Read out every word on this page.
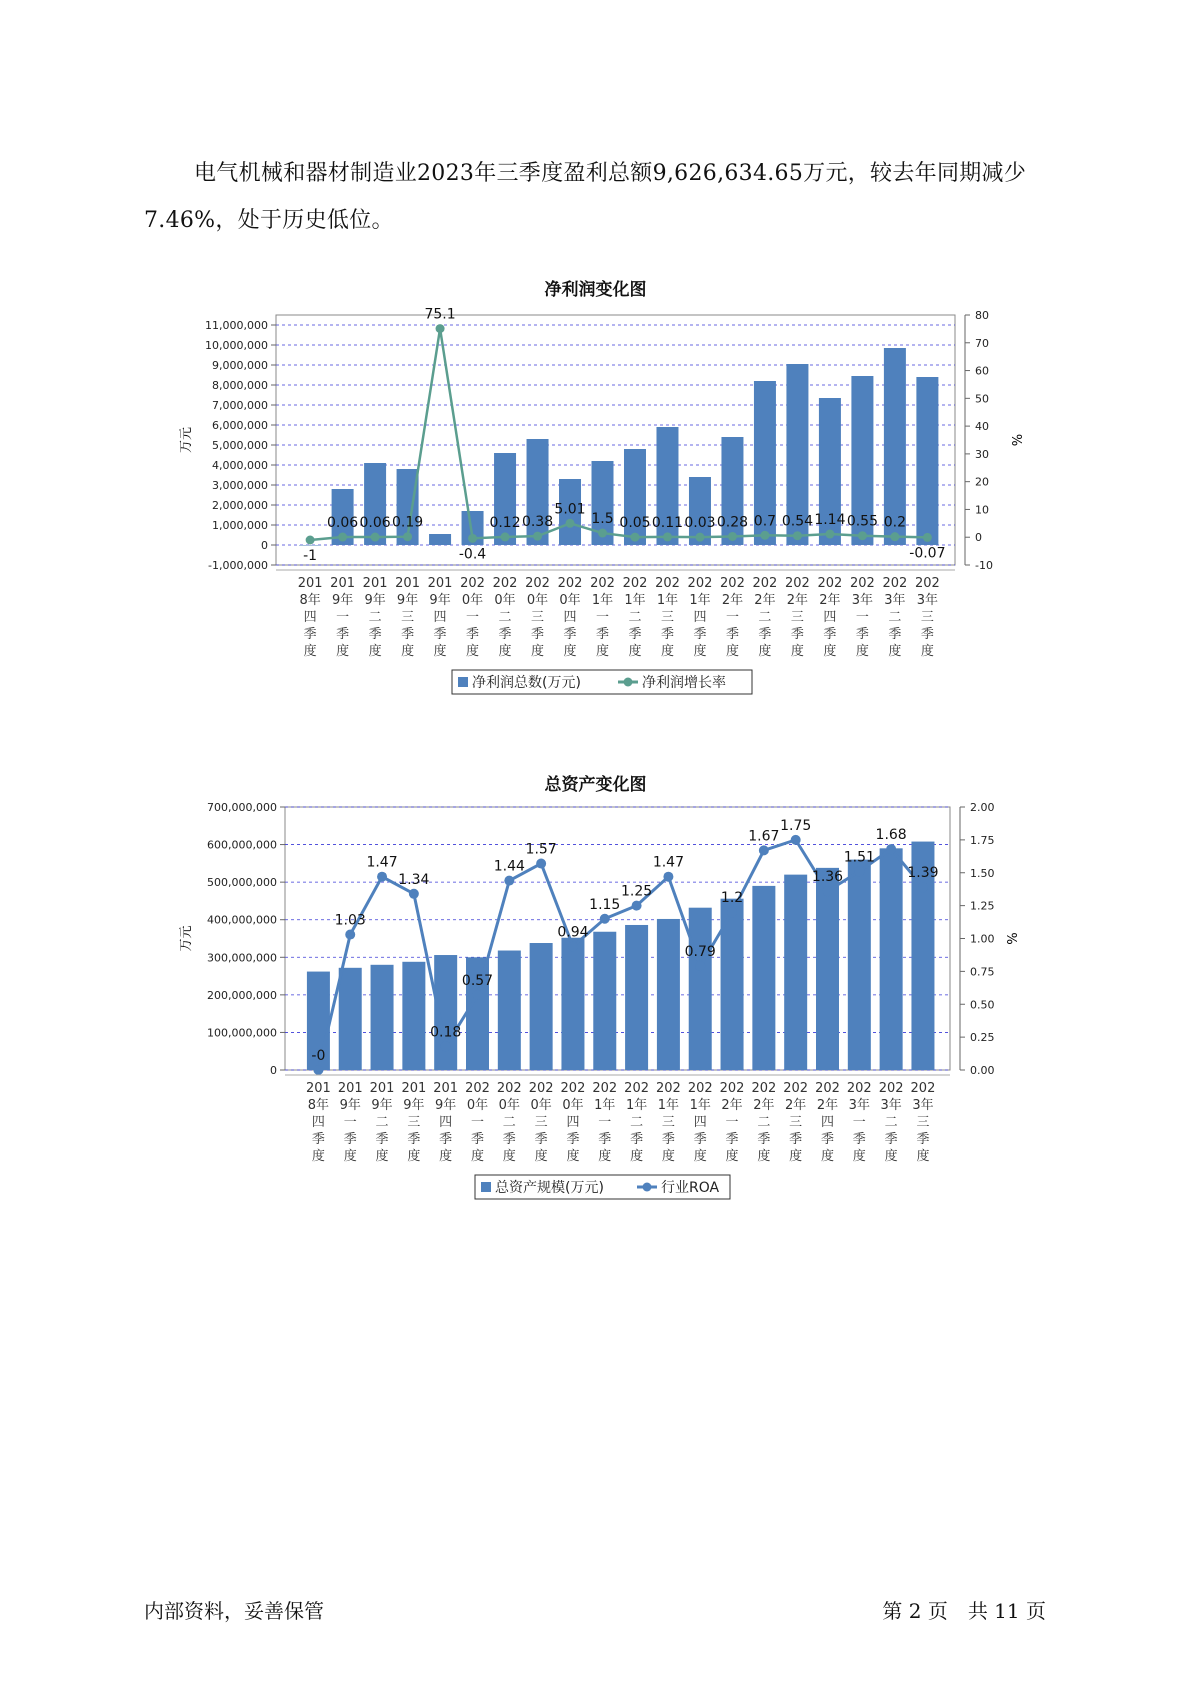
电气机械和器材制造业2023年三季度盈利总额9,626,634.65万元，较去年同期减少7.46%，处于历史低位。

净利润变化图
-1,000,000
0
1,000,000
2,000,000
3,000,000
4,000,000
5,000,000
6,000,000
7,000,000
8,000,000
9,000,000
10,000,000
11,000,000
-10
0
10
20
30
40
50
60
70
80
万元	%
-1
0.06 0.06 0.19
75.1
-0.4
0.12 0.38
5.01
1.5 0.05 0.11 0.03 0.28 0.7 0.54 1.14 0.55 0.2
-0.07
201
8年
四
季
度
201
9年
一
季
度
201
9年
二
季
度
201
9年
三
季
度
201
9年
四
季
度
202
0年
一
季
度
202
0年
二
季
度
202
0年
三
季
度
202
0年
四
季
度
202
1年
一
季
度
202
1年
二
季
度
202
1年
三
季
度
202
1年
四
季
度
202
2年
一
季
度
202
2年
二
季
度
202
2年
三
季
度
202
2年
四
季
度
202
3年
一
季
度
202
3年
二
季
度
202
3年
三
季
度
净利润总数(万元)	净利润增长率
总资产变化图
0
100,000,000
200,000,000
300,000,000
400,000,000
500,000,000
600,000,000
700,000,000
0.00
0.25
0.50
0.75
1.00
1.25
1.50
1.75
2.00
万元	%
-0
1.03
1.47
1.34
0.18
0.57
1.44
1.57
0.94
1.15
1.25
1.47
0.79
1.2
1.67
1.75
1.36
1.51
1.68
1.39
201
8年
四
季
度
201
9年
一
季
度
201
9年
二
季
度
201
9年
三
季
度
201
9年
四
季
度
202
0年
一
季
度
202
0年
二
季
度
202
0年
三
季
度
202
0年
四
季
度
202
1年
一
季
度
202
1年
二
季
度
202
1年
三
季
度
202
1年
四
季
度
202
2年
一
季
度
202
2年
二
季
度
202
2年
三
季
度
202
2年
四
季
度
202
3年
一
季
度
202
3年
二
季
度
202
3年
三
季
度
总资产规模(万元)	行业ROA
内部资料，妥善保管	第 2 页　共 11 页
